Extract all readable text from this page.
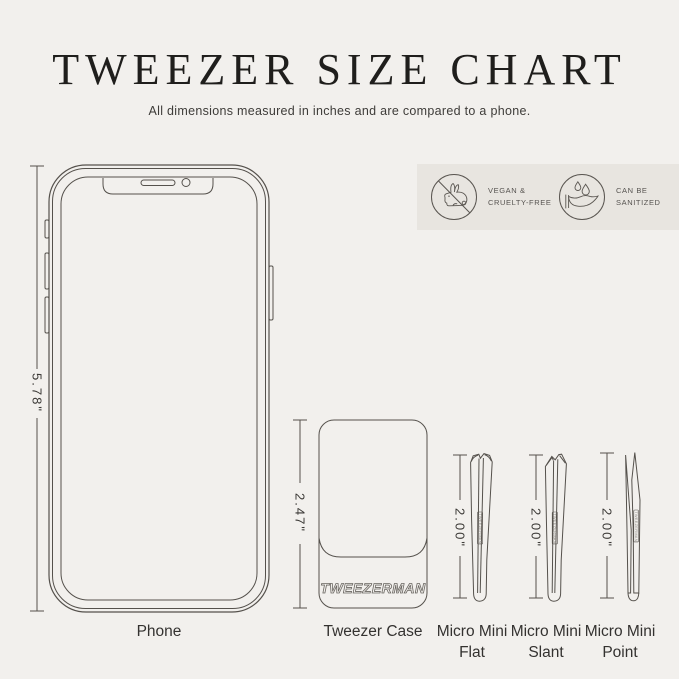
TWEEZER SIZE CHART
All dimensions measured in inches and are compared to a phone.
TWEEZERMAN	TWEEZERMAN	TWEEZERMAN
VEGAN &
CRUELTY-FREE
CAN BE
SANITIZED
5.78"
2.47"	2.00"	2.00"	2.00"
TWEEZERMAN
Phone	Tweezer Case Micro Mini Flat
Micro Mini Slant
Micro Mini Point
